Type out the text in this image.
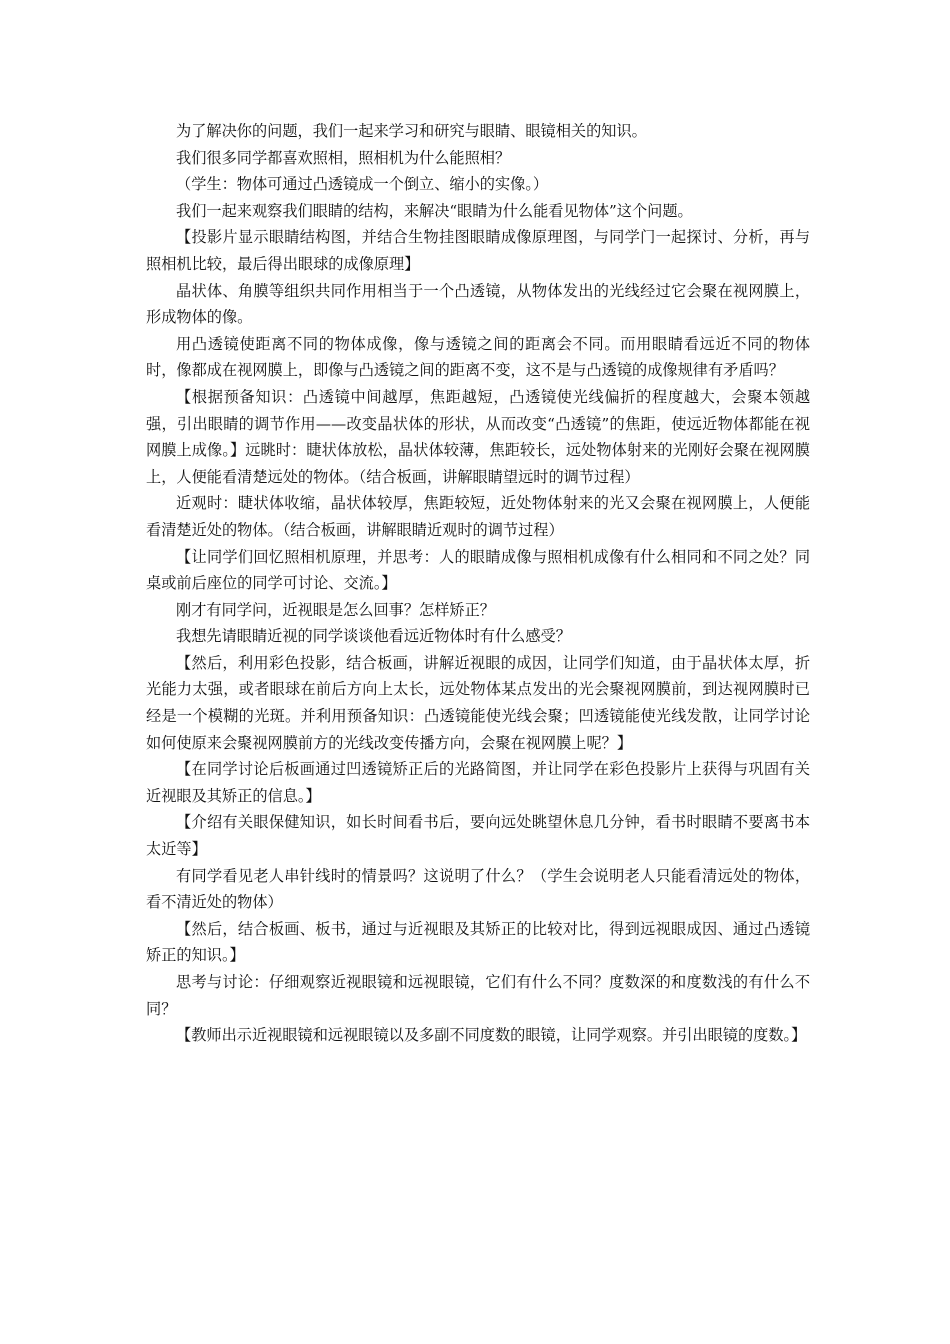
为了解决你的问题，我们一起来学习和研究与眼睛、眼镜相关的知识。

我们很多同学都喜欢照相，照相机为什么能照相？

（学生：物体可通过凸透镜成一个倒立、缩小的实像。）

我们一起来观察我们眼睛的结构，来解决“眼睛为什么能看见物体”这个问题。

【投影片显示眼睛结构图，并结合生物挂图眼睛成像原理图，与同学门一起探讨、分析，再与照相机比较，最后得出眼球的成像原理】

晶状体、角膜等组织共同作用相当于一个凸透镜，从物体发出的光线经过它会聚在视网膜上，形成物体的像。

用凸透镜使距离不同的物体成像，像与透镜之间的距离会不同。而用眼睛看远近不同的物体时，像都成在视网膜上，即像与凸透镜之间的距离不变，这不是与凸透镜的成像规律有矛盾吗？

【根据预备知识：凸透镜中间越厚，焦距越短，凸透镜使光线偏折的程度越大，会聚本领越强，引出眼睛的调节作用——改变晶状体的形状，从而改变“凸透镜”的焦距，使远近物体都能在视网膜上成像。】远眺时：睫状体放松，晶状体较薄，焦距较长，远处物体射来的光刚好会聚在视网膜上，人便能看清楚远处的物体。（结合板画，讲解眼睛望远时的调节过程）

近观时：睫状体收缩，晶状体较厚，焦距较短，近处物体射来的光又会聚在视网膜上，人便能看清楚近处的物体。（结合板画，讲解眼睛近观时的调节过程）

【让同学们回忆照相机原理，并思考：人的眼睛成像与照相机成像有什么相同和不同之处？同桌或前后座位的同学可讨论、交流。】

刚才有同学问，近视眼是怎么回事？怎样矫正？

我想先请眼睛近视的同学谈谈他看远近物体时有什么感受？

【然后，利用彩色投影，结合板画，讲解近视眼的成因，让同学们知道，由于晶状体太厚，折光能力太强，或者眼球在前后方向上太长，远处物体某点发出的光会聚视网膜前，到达视网膜时已经是一个模糊的光斑。并利用预备知识：凸透镜能使光线会聚；凹透镜能使光线发散，让同学讨论如何使原来会聚视网膜前方的光线改变传播方向，会聚在视网膜上呢？】

【在同学讨论后板画通过凹透镜矫正后的光路简图，并让同学在彩色投影片上获得与巩固有关近视眼及其矫正的信息。】

【介绍有关眼保健知识，如长时间看书后，要向远处眺望休息几分钟，看书时眼睛不要离书本太近等】

有同学看见老人串针线时的情景吗？这说明了什么？（学生会说明老人只能看清远处的物体，看不清近处的物体）

【然后，结合板画、板书，通过与近视眼及其矫正的比较对比，得到远视眼成因、通过凸透镜矫正的知识。】

思考与讨论：仔细观察近视眼镜和远视眼镜，它们有什么不同？度数深的和度数浅的有什么不同？

【教师出示近视眼镜和远视眼镜以及多副不同度数的眼镜，让同学观察。并引出眼镜的度数。】
